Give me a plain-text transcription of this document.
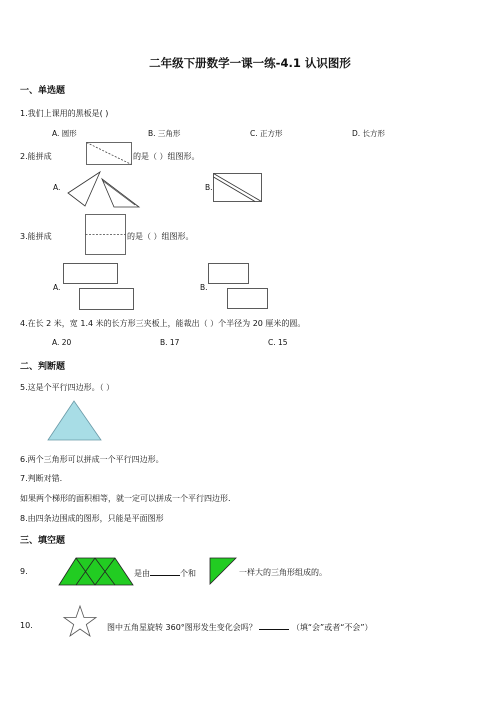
二年级下册数学一课一练-4.1 认识图形
一、单选题
1.我们上课用的黑板是( )
A. 圆形	B. 三角形	C. 正方形	D. 长方形
2.能拼成	的是（ ）组图形。
A.	B.
3.能拼成	的是（ ）组图形。
A.	B.
4.在长 2 米，宽 1.4 米的长方形三夹板上，能裁出（ ）个半径为 20 厘米的圆。
A. 20	B. 17	C. 15
二、判断题
5.这是个平行四边形。（ ）
6.两个三角形可以拼成一个平行四边形。
7.判断对错.
如果两个梯形的面积相等，就一定可以拼成一个平行四边形.
8.由四条边围成的图形，只能是平面图形
三、填空题
9.	是由	个和	一样大的三角形组成的。
10.	图中五角星旋转 360°图形发生变化会吗？	（填“会”或者“不会”）
